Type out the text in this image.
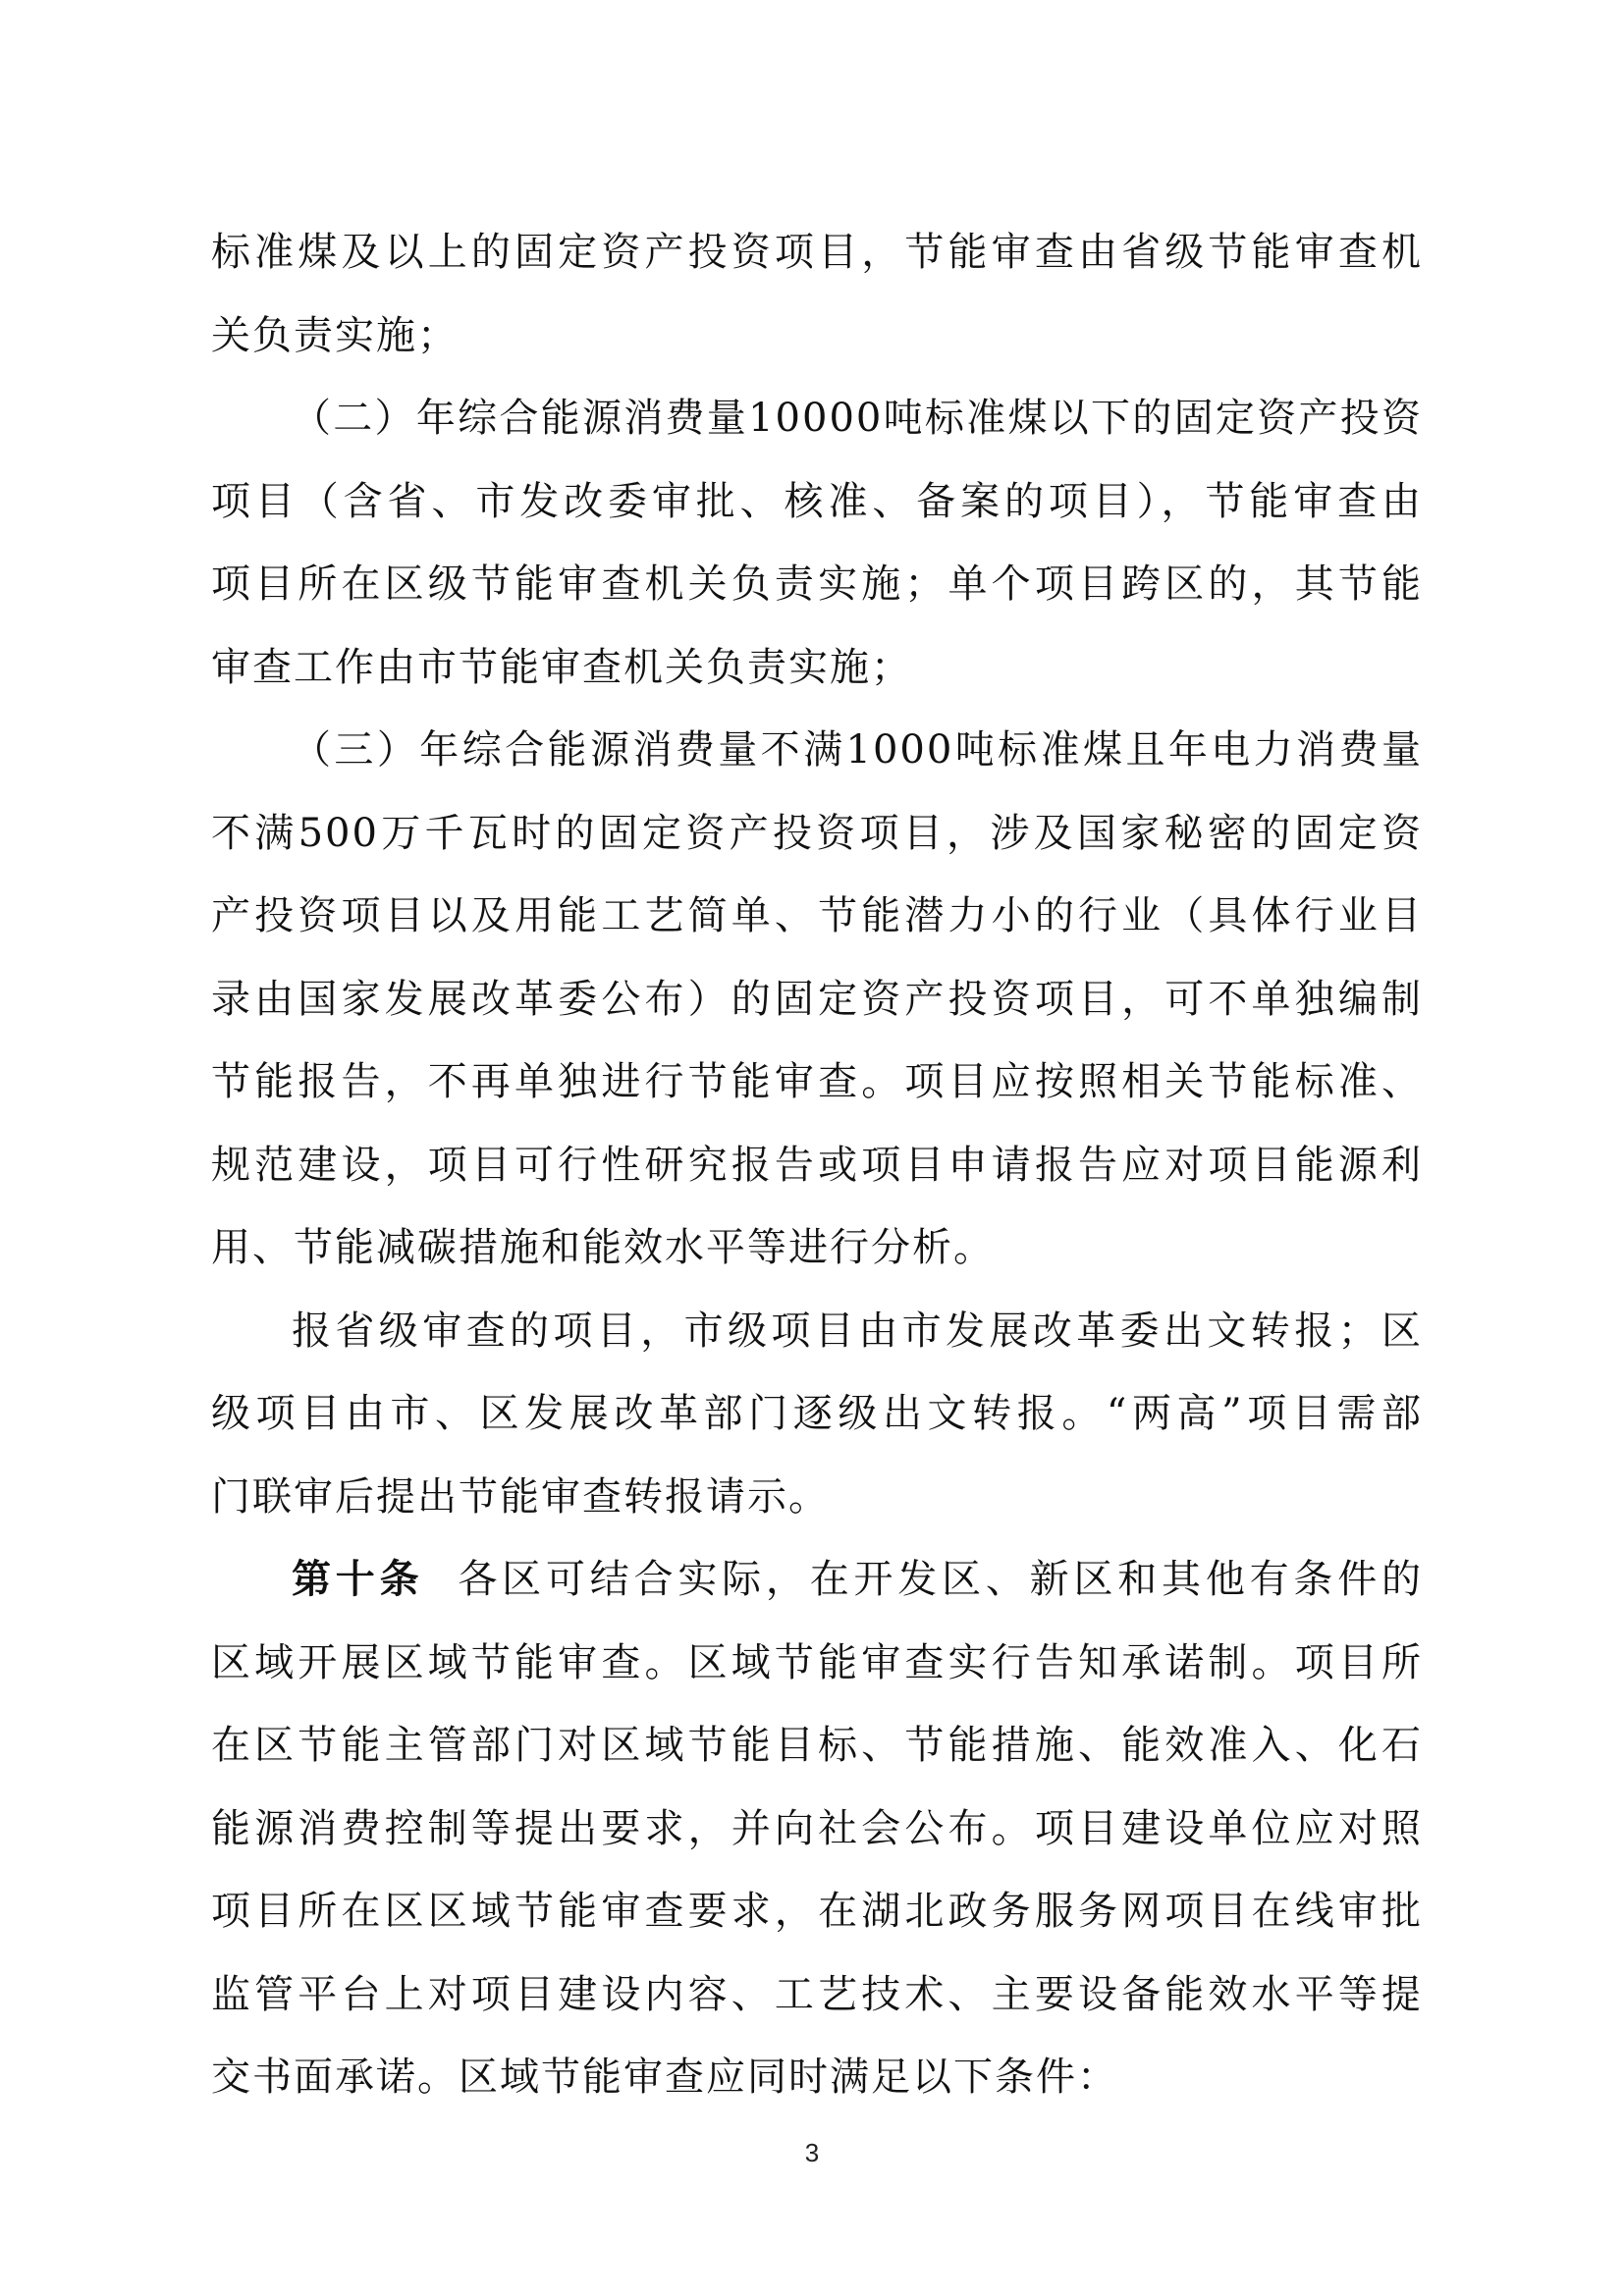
标准煤及以上的固定资产投资项目，节能审查由省级节能审查机
关负责实施；
（二）年综合能源消费量10000吨标准煤以下的固定资产投资
项目（含省、市发改委审批、核准、备案的项目），节能审查由
项目所在区级节能审查机关负责实施；单个项目跨区的，其节能
审查工作由市节能审查机关负责实施；
（三）年综合能源消费量不满1000吨标准煤且年电力消费量
不满500万千瓦时的固定资产投资项目，涉及国家秘密的固定资
产投资项目以及用能工艺简单、节能潜力小的行业（具体行业目
录由国家发展改革委公布）的固定资产投资项目，可不单独编制
节能报告，不再单独进行节能审查。项目应按照相关节能标准、
规范建设，项目可行性研究报告或项目申请报告应对项目能源利
用、节能减碳措施和能效水平等进行分析。
报省级审查的项目，市级项目由市发展改革委出文转报；区
级项目由市、区发展改革部门逐级出文转报。“两高”项目需部
门联审后提出节能审查转报请示。
第十条 各区可结合实际，在开发区、新区和其他有条件的
区域开展区域节能审查。区域节能审查实行告知承诺制。项目所
在区节能主管部门对区域节能目标、节能措施、能效准入、化石
能源消费控制等提出要求，并向社会公布。项目建设单位应对照
项目所在区区域节能审查要求，在湖北政务服务网项目在线审批
监管平台上对项目建设内容、工艺技术、主要设备能效水平等提
交书面承诺。区域节能审查应同时满足以下条件：
3
